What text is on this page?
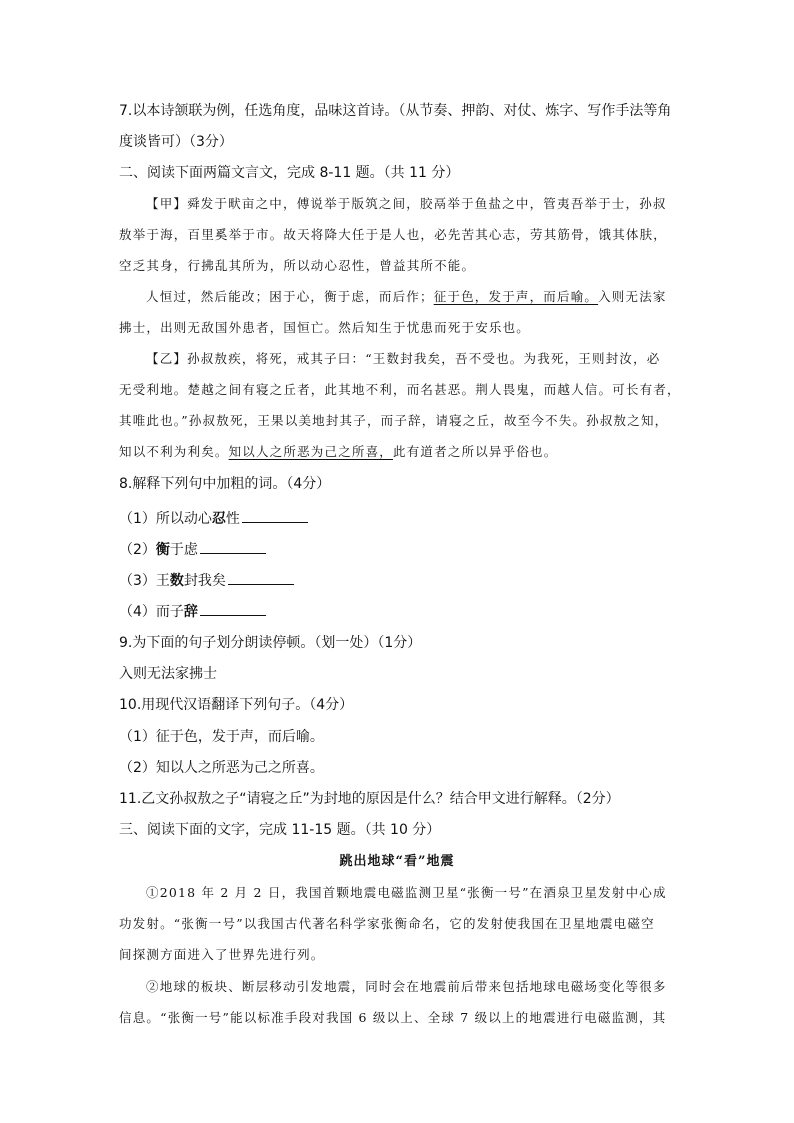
7.以本诗颔联为例，任选角度，品味这首诗。（从节奏、押韵、对仗、炼字、写作手法等角
度谈皆可）（3分）
二、阅读下面两篇文言文，完成 8-11 题。（共 11 分）
【甲】舜发于畎亩之中，傅说举于版筑之间，胶鬲举于鱼盐之中，管夷吾举于士，孙叔
敖举于海，百里奚举于市。故天将降大任于是人也，必先苦其心志，劳其筋骨，饿其体肤，
空乏其身，行拂乱其所为，所以动心忍性，曾益其所不能。
人恒过，然后能改；困于心，衡于虑，而后作；征于色，发于声，而后喻。入则无法家
拂士，出则无敌国外患者，国恒亡。然后知生于忧患而死于安乐也。
【乙】孙叔敖疾，将死，戒其子曰：“王数封我矣，吾不受也。为我死，王则封汝，必
无受利地。楚越之间有寝之丘者，此其地不利，而名甚恶。荆人畏鬼，而越人信。可长有者，
其唯此也。”孙叔敖死，王果以美地封其子，而子辞，请寝之丘，故至今不失。孙叔敖之知，
知以不利为利矣。知以人之所恶为己之所喜，此有道者之所以异乎俗也。
8.解释下列句中加粗的词。（4分）
（1）所以动心忍性
（2）衡于虑
（3）王数封我矣
（4）而子辞
9.为下面的句子划分朗读停顿。（划一处）（1分）
入则无法家拂士
10.用现代汉语翻译下列句子。（4分）
（1）征于色，发于声，而后喻。
（2）知以人之所恶为己之所喜。
11.乙文孙叔敖之子“请寝之丘”为封地的原因是什么？结合甲文进行解释。（2分）
三、阅读下面的文字，完成 11-15 题。（共 10 分）
跳出地球“看”地震
①2018 年 2 月 2 日，我国首颗地震电磁监测卫星“张衡一号”在酒泉卫星发射中心成
功发射。“张衡一号”以我国古代著名科学家张衡命名，它的发射使我国在卫星地震电磁空
间探测方面进入了世界先进行列。
②地球的板块、断层移动引发地震，同时会在地震前后带来包括地球电磁场变化等很多
信息。“张衡一号”能以标准手段对我国 6 级以上、全球 7 级以上的地震进行电磁监测，其
